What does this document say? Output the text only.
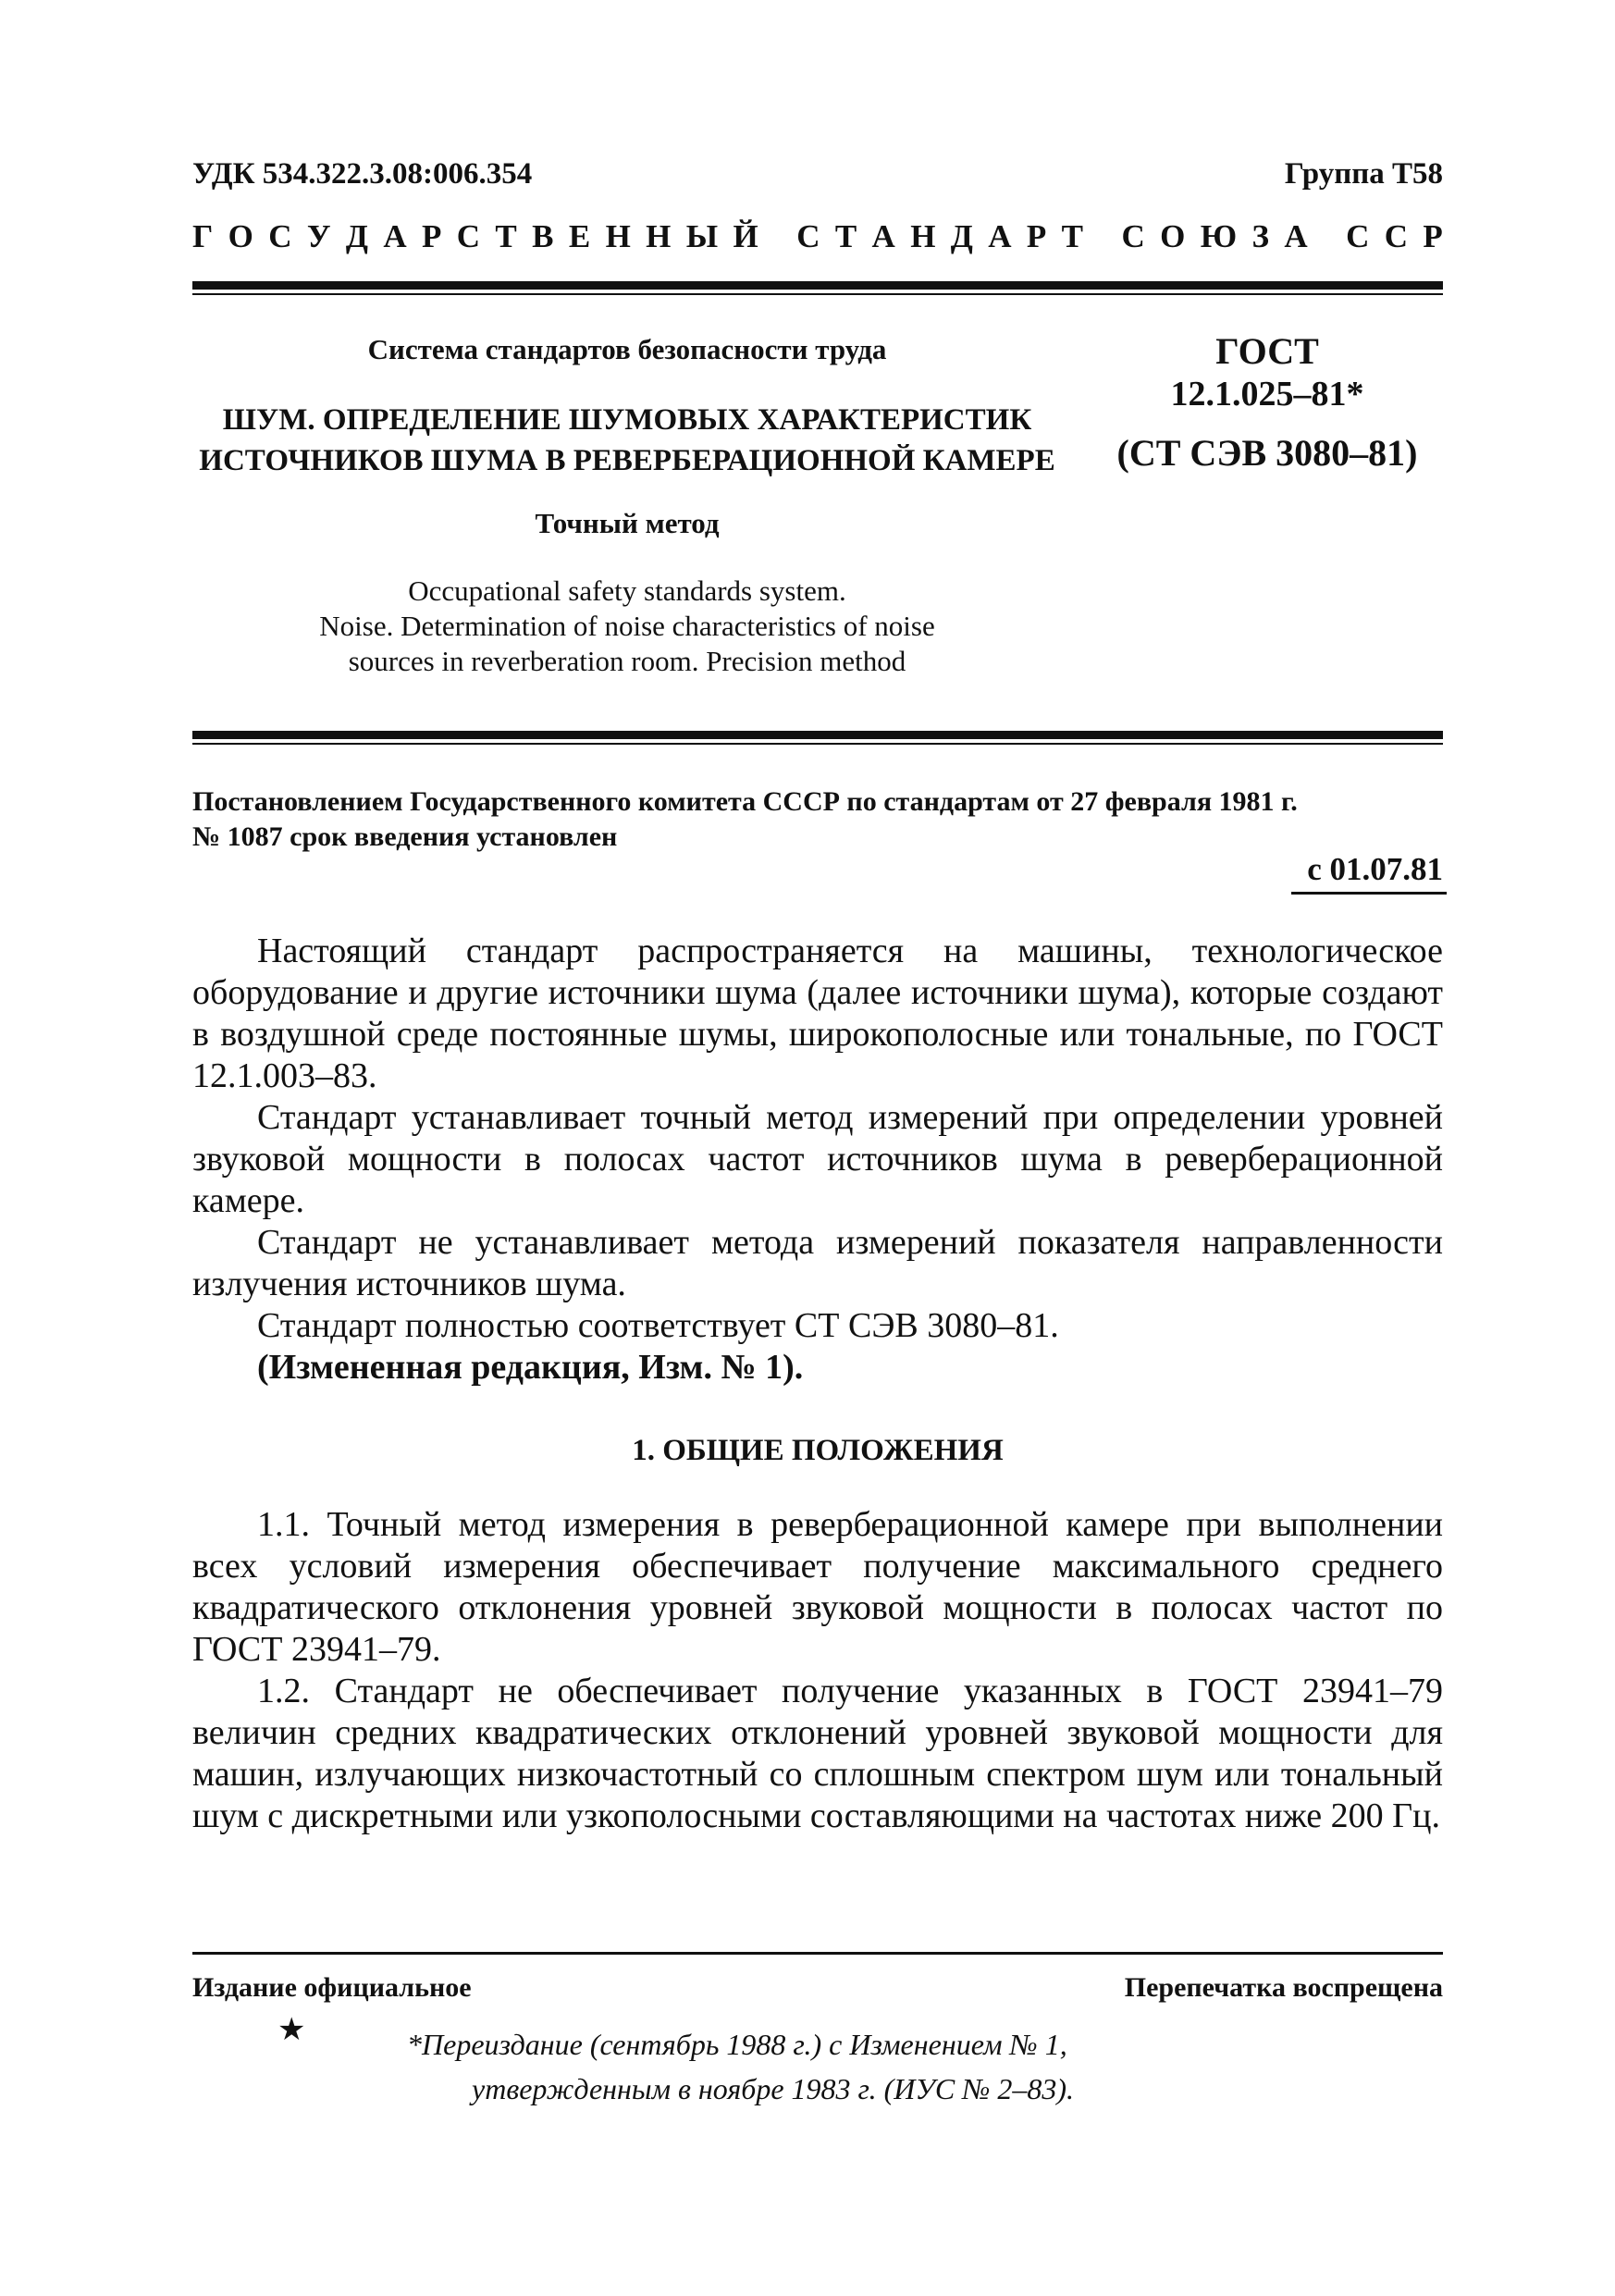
УДК 534.322.3.08:006.354	Группа Т58
Г О С У Д А Р С Т В Е Н Н Ы Й
С Т А Н Д А Р Т
С О Ю З А
С С Р
Система стандартов безопасности труда
ШУМ. ОПРЕДЕЛЕНИЕ ШУМОВЫХ ХАРАКТЕРИСТИК
ИСТОЧНИКОВ ШУМА В РЕВЕРБЕРАЦИОННОЙ КАМЕРЕ
Точный метод
Occupational safety standards system.
Noise. Determination of noise characteristics of noise
sources in reverberation room. Precision method
ГОСТ
12.1.025–81*
(СТ СЭВ 3080–81)
Постановлением Государственного комитета СССР по стандартам от 27 февраля 1981 г.
№ 1087 срок введения установлен
с 01.07.81

Настоящий стандарт распространяется на машины, технологическое оборудование и другие источники шума (далее источники шума), которые создают в воздушной среде постоянные шумы, широкополосные или тональные, по ГОСТ 12.1.003–83.

Стандарт устанавливает точный метод измерений при определении уровней звуковой мощности в полосах частот источников шума в реверберационной камере.

Стандарт не устанавливает метода измерений показателя направленности излучения источников шума.

Стандарт полностью соответствует СТ СЭВ 3080–81.

(Измененная редакция, Изм. № 1).

1. ОБЩИЕ ПОЛОЖЕНИЯ

1.1. Точный метод измерения в реверберационной камере при выполнении всех условий измерения обеспечивает получение максимального среднего квадратического отклонения уровней звуковой мощности в полосах частот по ГОСТ 23941–79.

1.2. Стандарт не обеспечивает получение указанных в ГОСТ 23941–79 величин средних квадратических отклонений уровней звуковой мощности для машин, излучающих низкочастотный со сплошным спектром шум или тональный шум с дискретными или узкополосными составляющими на частотах ниже 200 Гц.

Издание официальное	Перепечатка воспрещена
★	*Переиздание (сентябрь 1988 г.) с Изменением № 1,
утвержденным в ноябре 1983 г. (ИУС № 2–83).
